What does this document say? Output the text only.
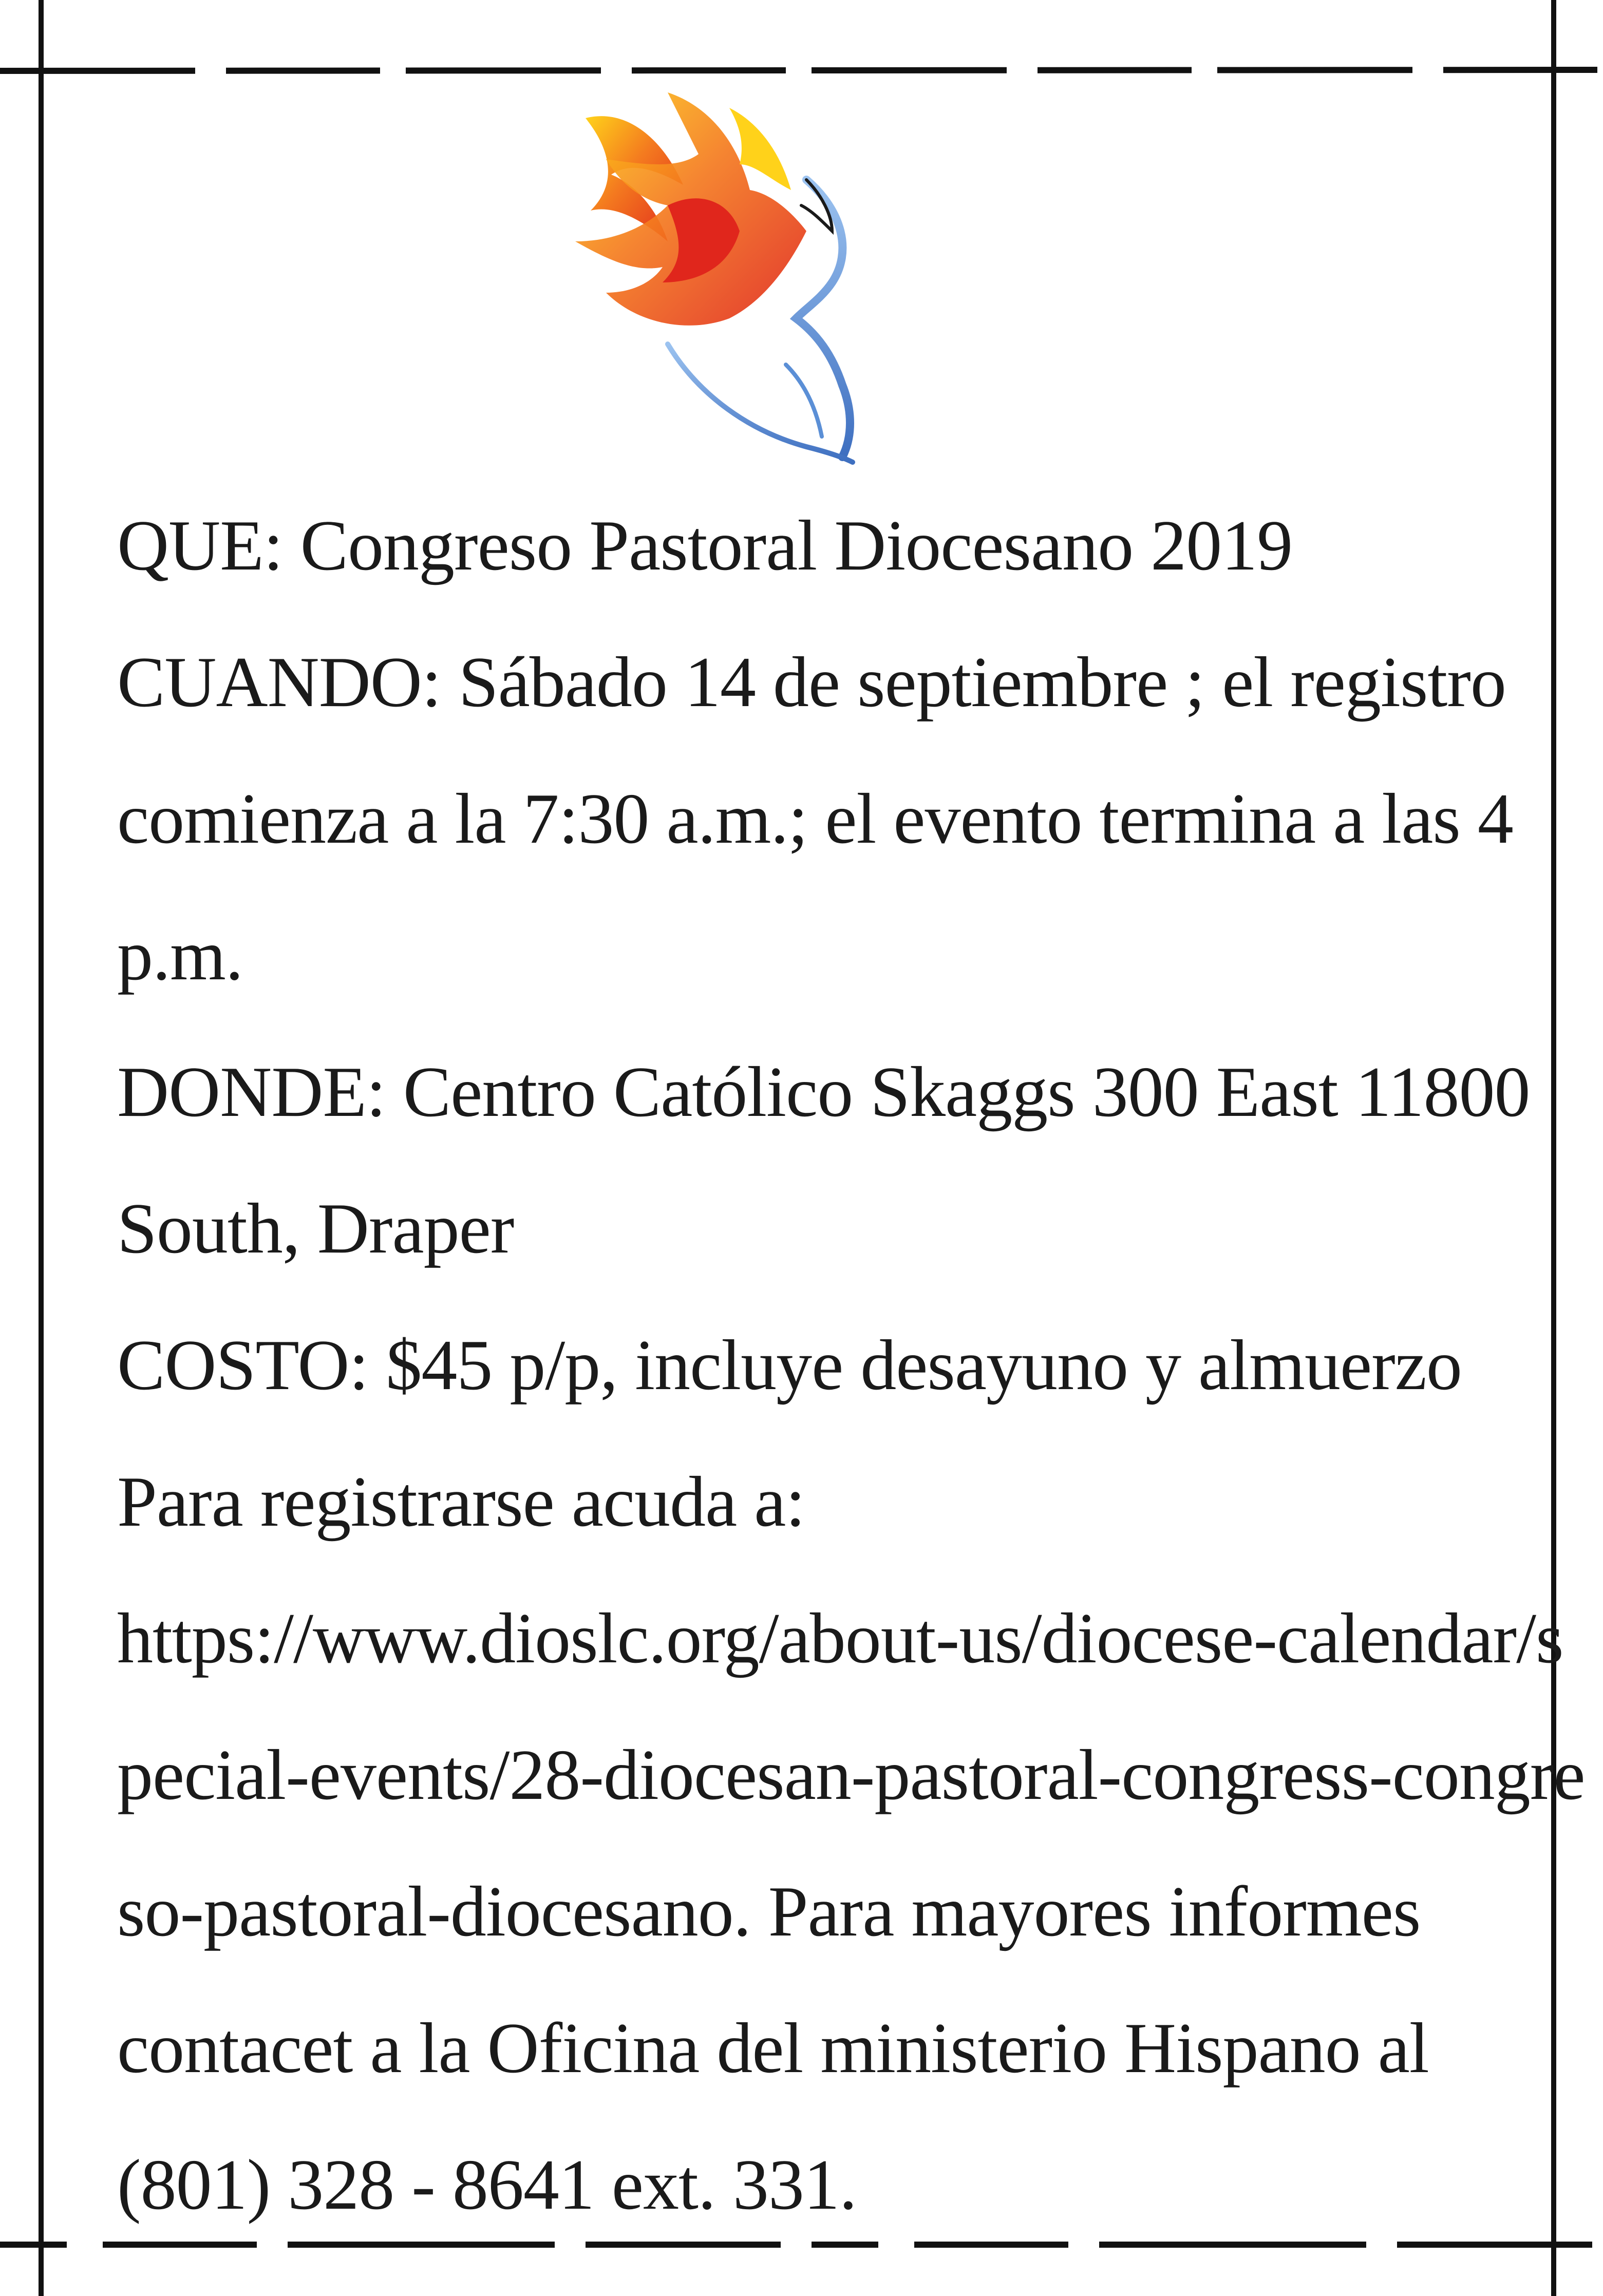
QUE: Congreso Pastoral Diocesano 2019

CUANDO: Sábado 14 de septiembre ; el registro

comienza a la 7:30 a.m.; el evento termina a las 4

p.m.

DONDE: Centro Católico Skaggs 300 East 11800

South, Draper

COSTO: $45 p/p, incluye desayuno y almuerzo

Para registrarse acuda a:

https://www.dioslc.org/about-us/diocese-calendar/s

pecial-events/28-diocesan-pastoral-congress-congre

so-pastoral-diocesano. Para mayores informes

contacet a la Oficina del ministerio Hispano al

(801) 328 - 8641 ext. 331.
